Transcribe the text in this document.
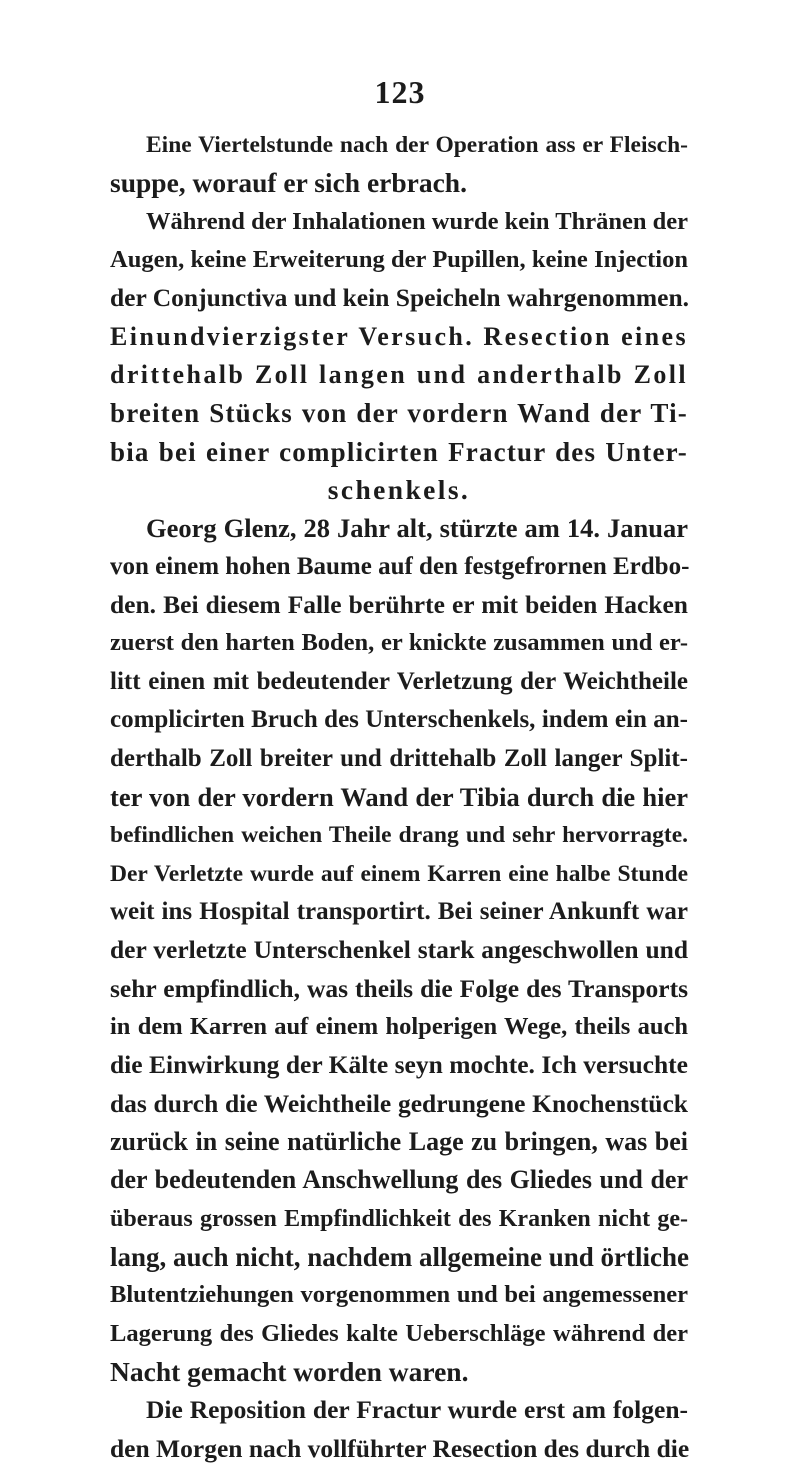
123
Eine Viertelstunde nach der Operation ass er Fleisch-
suppe, worauf er sich erbrach.
Während der Inhalationen wurde kein Thränen der
Augen, keine Erweiterung der Pupillen, keine Injection
der Conjunctiva und kein Speicheln wahrgenommen.
Einundvierzigster Versuch. Resection eines
drittehalb Zoll langen und anderthalb Zoll
breiten Stücks von der vordern Wand der Ti-
bia bei einer complicirten Fractur des Unter-
schenkels.
Georg Glenz, 28 Jahr alt, stürzte am 14. Januar
von einem hohen Baume auf den festgefrornen Erdbo-
den. Bei diesem Falle berührte er mit beiden Hacken
zuerst den harten Boden, er knickte zusammen und er-
litt einen mit bedeutender Verletzung der Weichtheile
complicirten Bruch des Unterschenkels, indem ein an-
derthalb Zoll breiter und drittehalb Zoll langer Split-
ter von der vordern Wand der Tibia durch die hier
befindlichen weichen Theile drang und sehr hervorragte.
Der Verletzte wurde auf einem Karren eine halbe Stunde
weit ins Hospital transportirt. Bei seiner Ankunft war
der verletzte Unterschenkel stark angeschwollen und
sehr empfindlich, was theils die Folge des Transports
in dem Karren auf einem holperigen Wege, theils auch
die Einwirkung der Kälte seyn mochte. Ich versuchte
das durch die Weichtheile gedrungene Knochenstück
zurück in seine natürliche Lage zu bringen, was bei
der bedeutenden Anschwellung des Gliedes und der
überaus grossen Empfindlichkeit des Kranken nicht ge-
lang, auch nicht, nachdem allgemeine und örtliche
Blutentziehungen vorgenommen und bei angemessener
Lagerung des Gliedes kalte Ueberschläge während der
Nacht gemacht worden waren.
Die Reposition der Fractur wurde erst am folgen-
den Morgen nach vollführter Resection des durch die
